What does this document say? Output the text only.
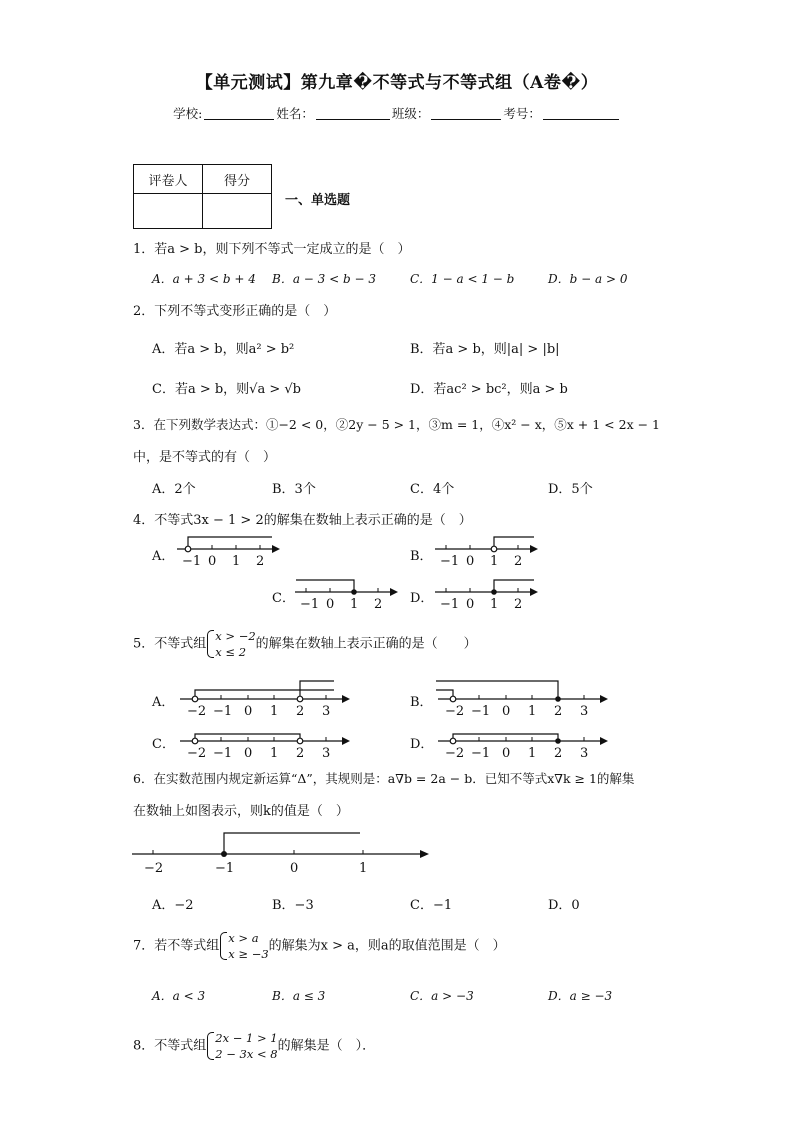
【单元测试】第九章�不等式与不等式组（A卷�）
学校:	姓名：	班级：	考号：
评卷人	得分

一、单选题
1．若a > b，则下列不等式一定成立的是（　）
A．a + 3 < b + 4 B．a − 3 < b − 3	C．1 − a < 1 − b	D．b − a > 0
2．下列不等式变形正确的是（　）
A．若a > b，则a² > b²	B．若a > b，则|a| > |b|
C．若a > b，则√a > √b	D．若ac² > bc²，则a > b
3．在下列数学表达式：①−2 < 0，②2y − 5 > 1，③m = 1，④x² − x，⑤x + 1 < 2x − 1
中，是不等式的有（　）
A．2个	B．3个	C．4个	D．5个
4．不等式3x − 1 > 2的解集在数轴上表示正确的是（　）
A．	B．
C．	D．
−1 0 1 2	−1 0 1 2
−1 0 1 2	−1 0 1 2
5．不等式组
x > −2
x ≤ 2
的解集在数轴上表示正确的是（　　）
A．	B．
C．	D．
−2 −1 0 1 2 3	−2 −1 0 1 2 3
−2 −1 0 1 2 3	−2 −1 0 1 2 3
6．在实数范围内规定新运算“Δ”，其规则是：a∇b = 2a − b．已知不等式x∇k ≥ 1的解集
在数轴上如图表示，则k的值是（　）
−2	−1	0	1
A．−2	B．−3	C．−1	D．0
7．若不等式组
x > a
x ≥ −3
的解集为x > a，则a的取值范围是（　）
A．a < 3	B．a ≤ 3	C．a > −3	D．a ≥ −3
8．不等式组
2x − 1 > 1
2 − 3x < 8
的解集是（　）．
